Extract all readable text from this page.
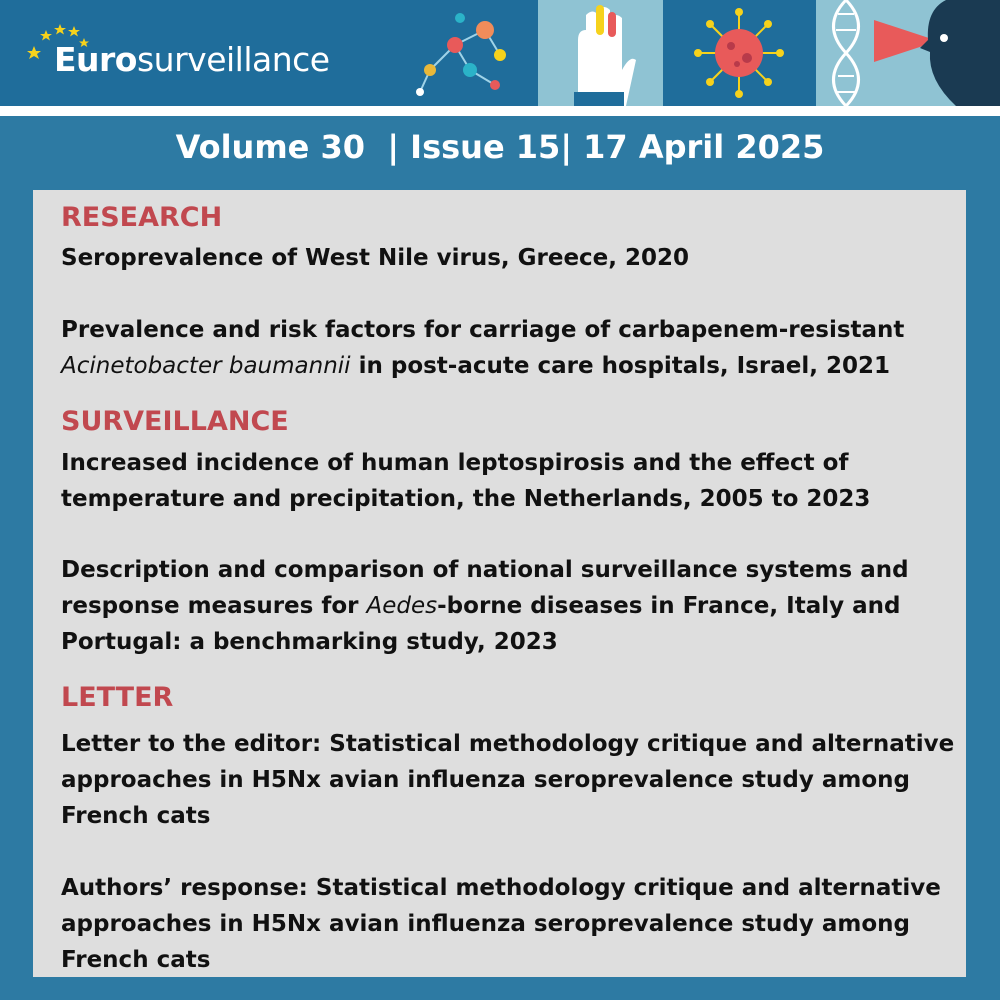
Eurosurveillance
Volume 30  | Issue 15| 17 April 2025
RESEARCH
Seroprevalence of West Nile virus, Greece, 2020
Prevalence and risk factors for carriage of carbapenem-resistant
Acinetobacter baumannii in post-acute care hospitals, Israel, 2021
SURVEILLANCE
Increased incidence of human leptospirosis and the effect of temperature and precipitation, the Netherlands, 2005 to 2023
Description and comparison of national surveillance systems and response measures for Aedes-borne diseases in France, Italy and Portugal: a benchmarking study, 2023
LETTER
Letter to the editor: Statistical methodology critique and alternative approaches in H5Nx avian influenza seroprevalence study among French cats
Authors’ response: Statistical methodology critique and alternative approaches in H5Nx avian influenza seroprevalence study among French cats
